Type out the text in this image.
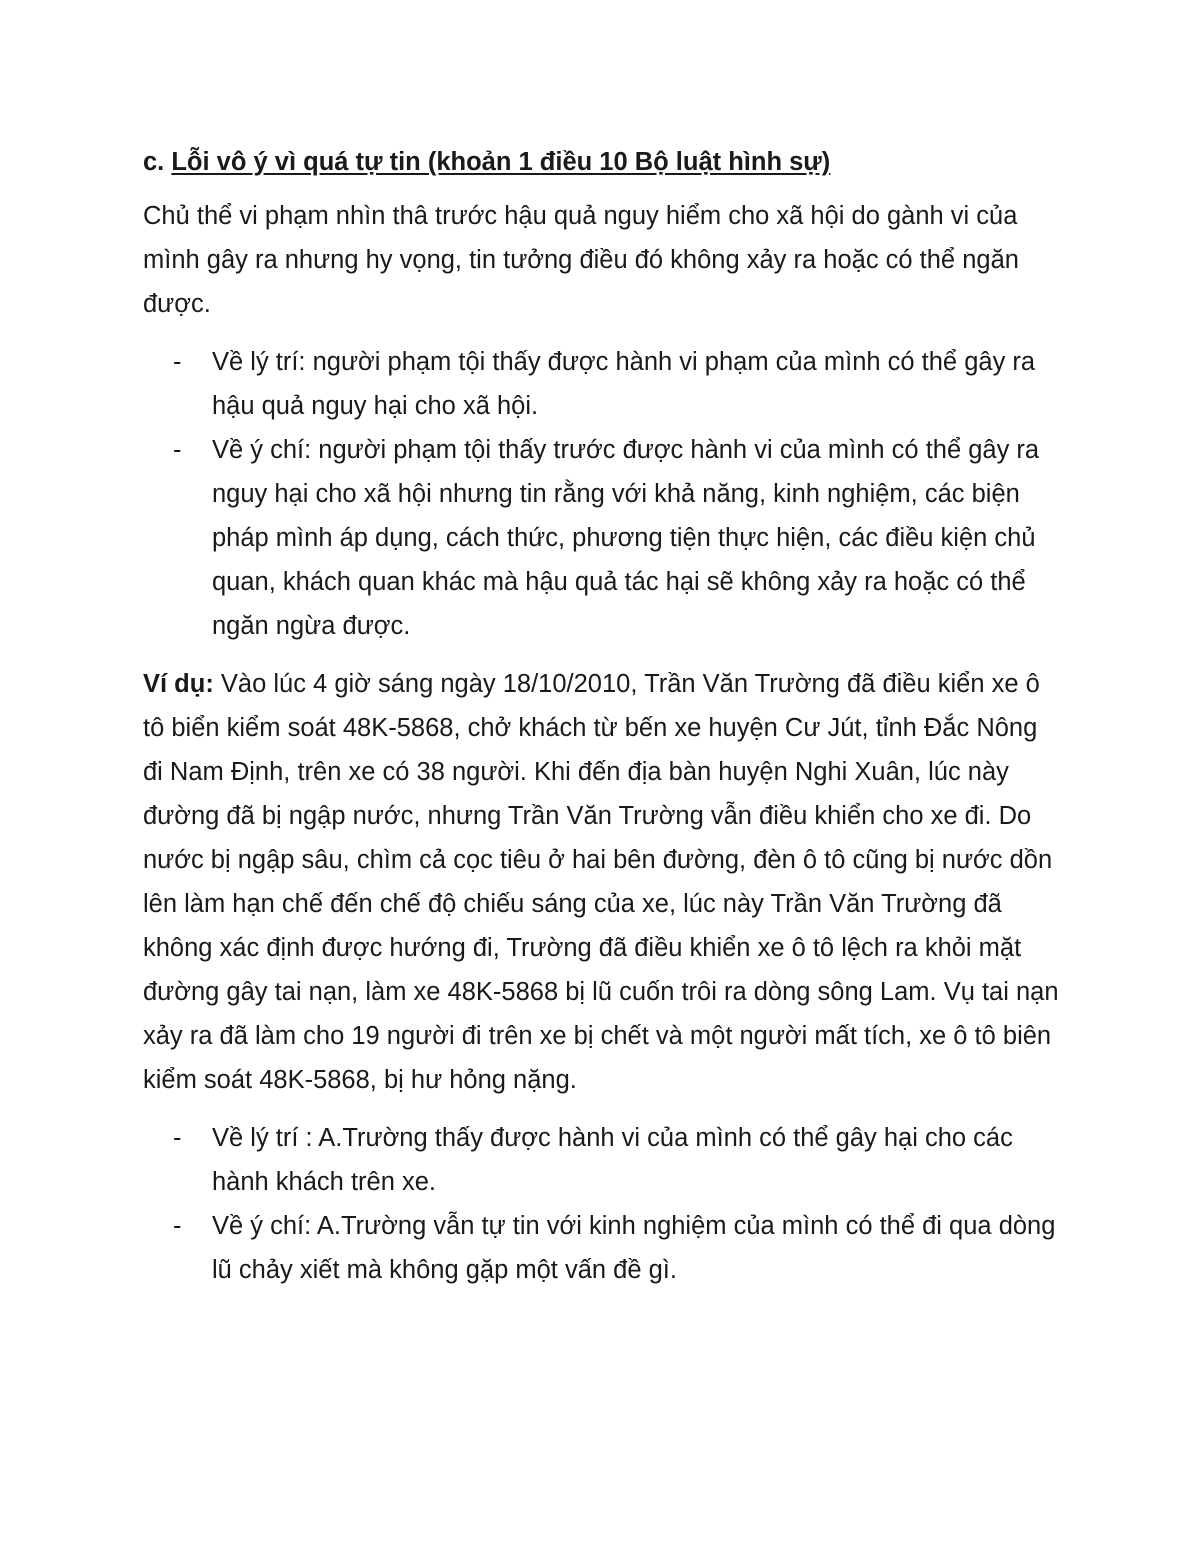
c. Lỗi vô ý vì quá tự tin (khoản 1 điều 10 Bộ luật hình sự)

Chủ thể vi phạm nhìn thâ trước hậu quả nguy hiểm cho xã hội do gành vi của mình gây ra nhưng hy vọng, tin tưởng điều đó không xảy ra hoặc có thể ngăn được.

- Về lý trí: người phạm tội thấy được hành vi phạm của mình có thể gây ra hậu quả nguy hại cho xã hội.
- Về ý chí: người phạm tội thấy trước được hành vi của mình có thể gây ra nguy hại cho xã hội nhưng tin rằng với khả năng, kinh nghiệm, các biện pháp mình áp dụng, cách thức, phương tiện thực hiện, các điều kiện chủ quan, khách quan khác mà hậu quả tác hại sẽ không xảy ra hoặc có thể ngăn ngừa được.

Ví dụ: Vào lúc 4 giờ sáng ngày 18/10/2010, Trần Văn Trường đã điều kiển xe ô tô biển kiểm soát 48K-5868, chở khách từ bến xe huyện Cư Jút, tỉnh Đắc Nông đi Nam Định, trên xe có 38 người. Khi đến địa bàn huyện Nghi Xuân, lúc này đường đã bị ngập nước, nhưng Trần Văn Trường vẫn điều khiển cho xe đi. Do nước bị ngập sâu, chìm cả cọc tiêu ở hai bên đường, đèn ô tô cũng bị nước dồn lên làm hạn chế đến chế độ chiếu sáng của xe, lúc này Trần Văn Trường đã không xác định được hướng đi, Trường đã điều khiển xe ô tô lệch ra khỏi mặt đường gây tai nạn, làm xe 48K-5868 bị lũ cuốn trôi ra dòng sông Lam. Vụ tai nạn xảy ra đã làm cho 19 người đi trên xe bị chết và một người mất tích, xe ô tô biên kiểm soát 48K-5868, bị hư hỏng nặng.

- Về lý trí : A.Trường thấy được hành vi của mình có thể gây hại cho các hành khách trên xe.
- Về ý chí: A.Trường vẫn tự tin với kinh nghiệm của mình có thể đi qua dòng lũ chảy xiết mà không gặp một vấn đề gì.
